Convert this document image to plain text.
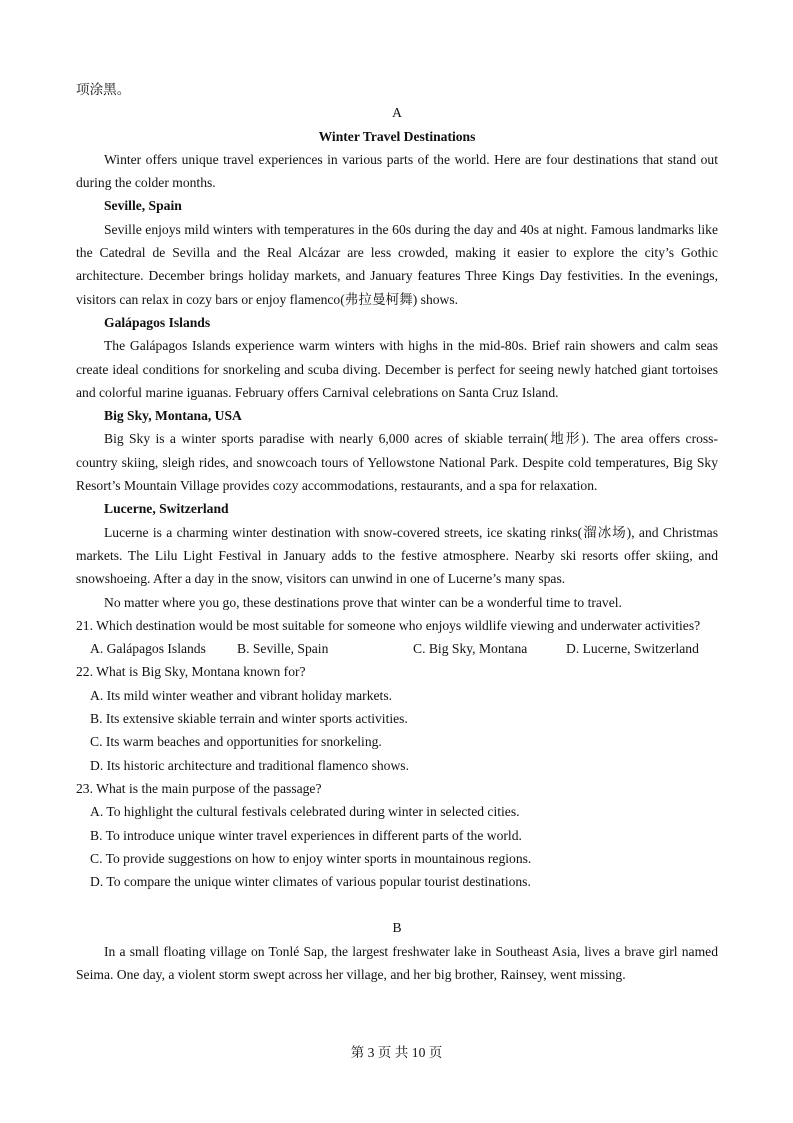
项涂黑。

A

Winter Travel Destinations

Winter offers unique travel experiences in various parts of the world. Here are four destinations that stand out during the colder months.

Seville, Spain

Seville enjoys mild winters with temperatures in the 60s during the day and 40s at night. Famous landmarks like the Catedral de Sevilla and the Real Alcázar are less crowded, making it easier to explore the city’s Gothic architecture. December brings holiday markets, and January features Three Kings Day festivities. In the evenings, visitors can relax in cozy bars or enjoy flamenco(弗拉曼柯舞) shows.

Galápagos Islands

The Galápagos Islands experience warm winters with highs in the mid-80s. Brief rain showers and calm seas create ideal conditions for snorkeling and scuba diving. December is perfect for seeing newly hatched giant tortoises and colorful marine iguanas. February offers Carnival celebrations on Santa Cruz Island.

Big Sky, Montana, USA

Big Sky is a winter sports paradise with nearly 6,000 acres of skiable terrain(地形). The area offers cross-country skiing, sleigh rides, and snowcoach tours of Yellowstone National Park. Despite cold temperatures, Big Sky Resort’s Mountain Village provides cozy accommodations, restaurants, and a spa for relaxation.

Lucerne, Switzerland

Lucerne is a charming winter destination with snow-covered streets, ice skating rinks(溜冰场), and Christmas markets. The Lilu Light Festival in January adds to the festive atmosphere. Nearby ski resorts offer skiing, and snowshoeing. After a day in the snow, visitors can unwind in one of Lucerne’s many spas.

No matter where you go, these destinations prove that winter can be a wonderful time to travel.

21. Which destination would be most suitable for someone who enjoys wildlife viewing and underwater activities?

A. Galápagos Islands	B. Seville, Spain	C. Big Sky, Montana	D. Lucerne, Switzerland

22. What is Big Sky, Montana known for?

A. Its mild winter weather and vibrant holiday markets.
B. Its extensive skiable terrain and winter sports activities.
C. Its warm beaches and opportunities for snorkeling.
D. Its historic architecture and traditional flamenco shows.

23. What is the main purpose of the passage?

A. To highlight the cultural festivals celebrated during winter in selected cities.
B. To introduce unique winter travel experiences in different parts of the world.
C. To provide suggestions on how to enjoy winter sports in mountainous regions.
D. To compare the unique winter climates of various popular tourist destinations.

B

In a small floating village on Tonlé Sap, the largest freshwater lake in Southeast Asia, lives a brave girl named Seima. One day, a violent storm swept across her village, and her big brother, Rainsey, went missing.

第 3 页 共 10 页
